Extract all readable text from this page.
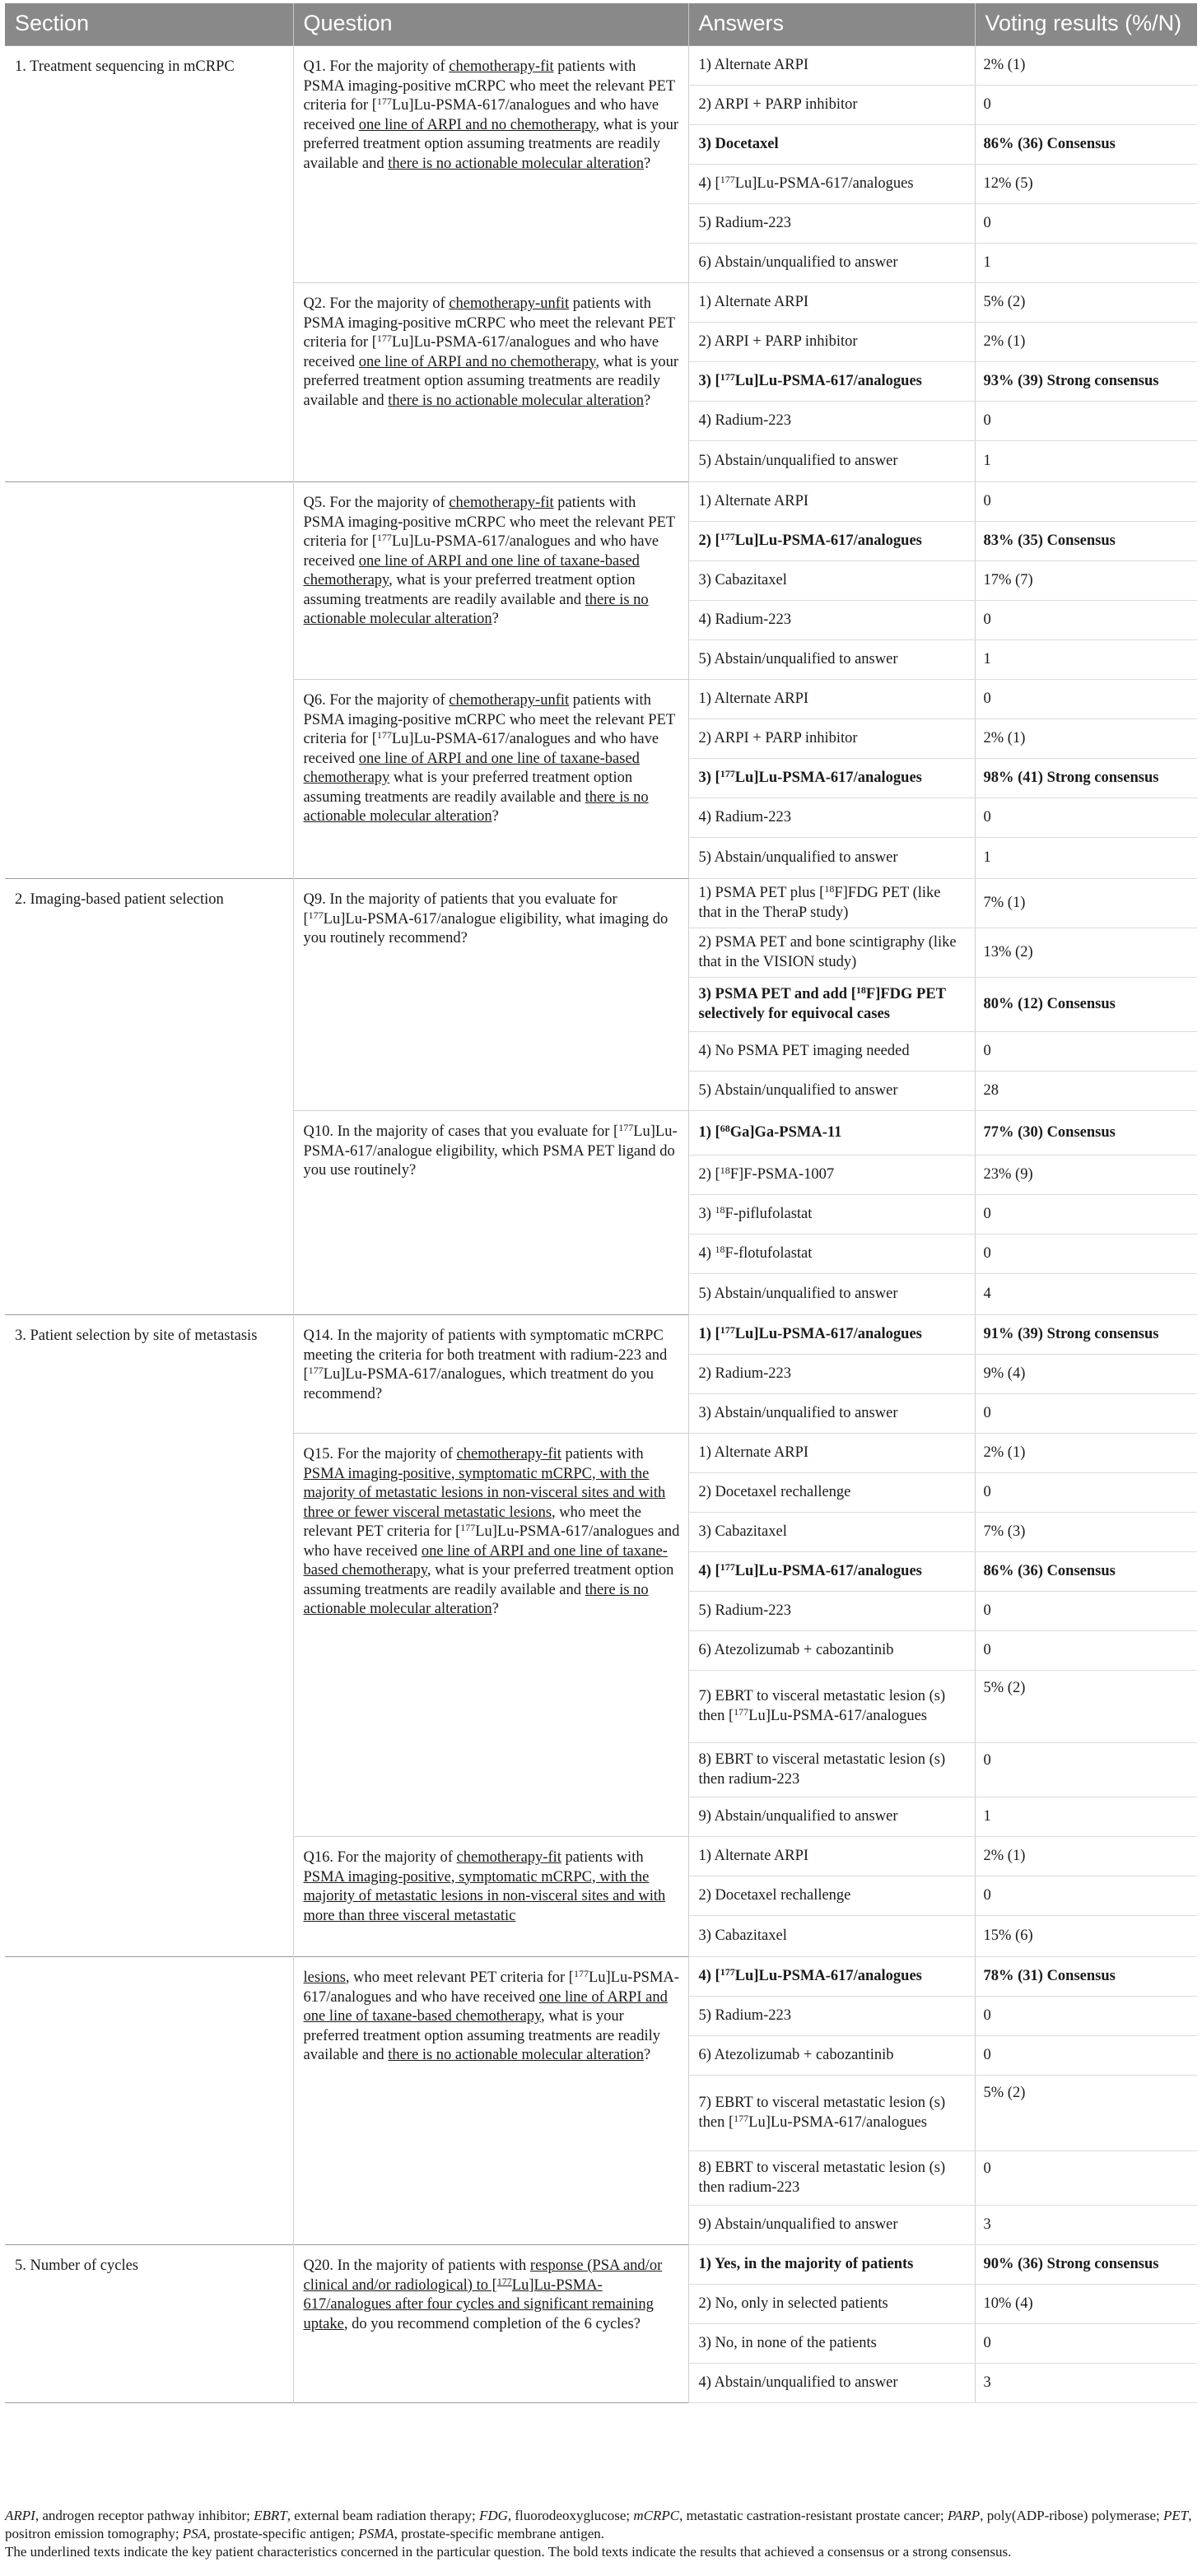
Section	Question	Answers	Voting results (%/N)
1. Treatment sequencing in mCRPC	Q1. For the majority of chemotherapy-fit patients with PSMA imaging-positive mCRPC who meet the relevant PET criteria for [$^{177}$Lu]Lu-PSMA-617/analogues and who have received one line of ARPI and no chemotherapy, what is your preferred treatment option assuming treatments are readily available and there is no actionable molecular alteration?	1) Alternate ARPI	2% (1)
		2) ARPI + PARP inhibitor	0
		3) Docetaxel	86% (36) Consensus
		4) [$^{177}$Lu]Lu-PSMA-617/analogues	12% (5)
		5) Radium-223	0
		6) Abstain/unqualified to answer	1
	Q2. For the majority of chemotherapy-unfit patients with PSMA imaging-positive mCRPC who meet the relevant PET criteria for [$^{177}$Lu]Lu-PSMA-617/analogues and who have received one line of ARPI and no chemotherapy, what is your preferred treatment option assuming treatments are readily available and there is no actionable molecular alteration?	1) Alternate ARPI	5% (2)
		2) ARPI + PARP inhibitor	2% (1)
		3) [$^{177}$Lu]Lu-PSMA-617/analogues	93% (39) Strong consensus
		4) Radium-223	0
		5) Abstain/unqualified to answer	1
	Q5. For the majority of chemotherapy-fit patients with PSMA imaging-positive mCRPC who meet the relevant PET criteria for [$^{177}$Lu]Lu-PSMA-617/analogues and who have received one line of ARPI and one line of taxane-based chemotherapy, what is your preferred treatment option assuming treatments are readily available and there is no actionable molecular alteration?	1) Alternate ARPI	0
		2) [$^{177}$Lu]Lu-PSMA-617/analogues	83% (35) Consensus
		3) Cabazitaxel	17% (7)
		4) Radium-223	0
		5) Abstain/unqualified to answer	1
	Q6. For the majority of chemotherapy-unfit patients with PSMA imaging-positive mCRPC who meet the relevant PET criteria for [$^{177}$Lu]Lu-PSMA-617/analogues and who have received one line of ARPI and one line of taxane-based chemotherapy what is your preferred treatment option assuming treatments are readily available and there is no actionable molecular alteration?	1) Alternate ARPI	0
		2) ARPI + PARP inhibitor	2% (1)
		3) [$^{177}$Lu]Lu-PSMA-617/analogues	98% (41) Strong consensus
		4) Radium-223	0
		5) Abstain/unqualified to answer	1
2. Imaging-based patient selection	Q9. In the majority of patients that you evaluate for [$^{177}$Lu]Lu-PSMA-617/analogue eligibility, what imaging do you routinely recommend?	1) PSMA PET plus [$^{18}$F]FDG PET (like that in the TheraP study)	7% (1)
		2) PSMA PET and bone scintigraphy (like that in the VISION study)	13% (2)
		3) PSMA PET and add [$^{18}$F]FDG PET selectively for equivocal cases	80% (12) Consensus
		4) No PSMA PET imaging needed	0
		5) Abstain/unqualified to answer	28
	Q10. In the majority of cases that you evaluate for [$^{177}$Lu]Lu-PSMA-617/analogue eligibility, which PSMA PET ligand do you use routinely?	1) [$^{68}$Ga]Ga-PSMA-11	77% (30) Consensus
		2) [$^{18}$F]F-PSMA-1007	23% (9)
		3) $^{18}$F-piflufolastat	0
		4) $^{18}$F-flotufolastat	0
		5) Abstain/unqualified to answer	4
3. Patient selection by site of metastasis	Q14. In the majority of patients with symptomatic mCRPC meeting the criteria for both treatment with radium-223 and [$^{177}$Lu]Lu-PSMA-617/analogues, which treatment do you recommend?	1) [$^{177}$Lu]Lu-PSMA-617/analogues	91% (39) Strong consensus
		2) Radium-223	9% (4)
		3) Abstain/unqualified to answer	0
	Q15. For the majority of chemotherapy-fit patients with PSMA imaging-positive, symptomatic mCRPC, with the majority of metastatic lesions in non-visceral sites and with three or fewer visceral metastatic lesions, who meet the relevant PET criteria for [$^{177}$Lu]Lu-PSMA-617/analogues and who have received one line of ARPI and one line of taxane-based chemotherapy, what is your preferred treatment option assuming treatments are readily available and there is no actionable molecular alteration?	1) Alternate ARPI	2% (1)
		2) Docetaxel rechallenge	0
		3) Cabazitaxel	7% (3)
		4) [$^{177}$Lu]Lu-PSMA-617/analogues	86% (36) Consensus
		5) Radium-223	0
		6) Atezolizumab + cabozantinib	0
		7) EBRT to visceral metastatic lesion (s) then [$^{177}$Lu]Lu-PSMA-617/analogues	5% (2)
		8) EBRT to visceral metastatic lesion (s) then radium-223	0
		9) Abstain/unqualified to answer	1
	Q16. For the majority of chemotherapy-fit patients with PSMA imaging-positive, symptomatic mCRPC, with the majority of metastatic lesions in non-visceral sites and with more than three visceral metastatic	1) Alternate ARPI	2% (1)
		2) Docetaxel rechallenge	0
		3) Cabazitaxel	15% (6)
	lesions, who meet relevant PET criteria for [$^{177}$Lu]Lu-PSMA-617/analogues and who have received one line of ARPI and one line of taxane-based chemotherapy, what is your preferred treatment option assuming treatments are readily available and there is no actionable molecular alteration?	4) [$^{177}$Lu]Lu-PSMA-617/analogues	78% (31) Consensus
		5) Radium-223	0
		6) Atezolizumab + cabozantinib	0
		7) EBRT to visceral metastatic lesion (s) then [$^{177}$Lu]Lu-PSMA-617/analogues	5% (2)
		8) EBRT to visceral metastatic lesion (s) then radium-223	0
		9) Abstain/unqualified to answer	3
5. Number of cycles	Q20. In the majority of patients with response (PSA and/or clinical and/or radiological) to [$^{177}$Lu]Lu-PSMA-617/analogues after four cycles and significant remaining uptake, do you recommend completion of the 6 cycles?	1) Yes, in the majority of patients	90% (36) Strong consensus
		2) No, only in selected patients	10% (4)
		3) No, in none of the patients	0
		4) Abstain/unqualified to answer	3

ARPI, androgen receptor pathway inhibitor; EBRT, external beam radiation therapy; FDG, fluorodeoxyglucose; mCRPC, metastatic castration-resistant prostate cancer; PARP, poly(ADP-ribose) polymerase; PET, positron emission tomography; PSA, prostate-specific antigen; PSMA, prostate-specific membrane antigen.

The underlined texts indicate the key patient characteristics concerned in the particular question. The bold texts indicate the results that achieved a consensus or a strong consensus.
